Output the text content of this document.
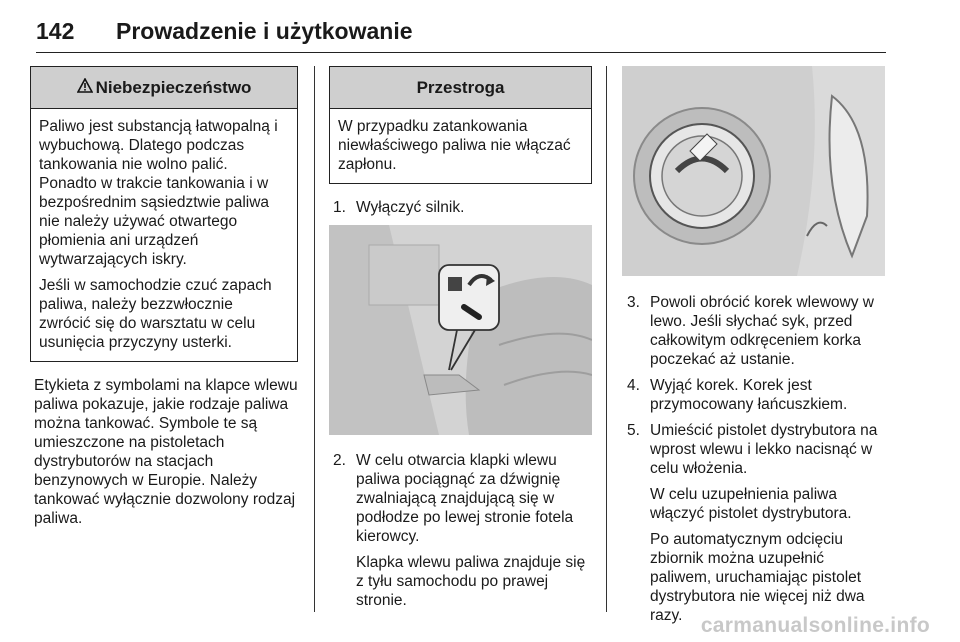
142 Prowadzenie i użytkowanie
Niebezpieczeństwo

Paliwo jest substancją łatwopalną i wybuchową. Dlatego podczas tankowania nie wolno palić. Ponadto w trakcie tankowania i w bezpośrednim sąsiedztwie paliwa nie należy używać otwartego płomienia ani urządzeń wytwarzających iskry.

Jeśli w samochodzie czuć zapach paliwa, należy bezzwłocznie zwrócić się do warsztatu w celu usunięcia przyczyny usterki.

Etykieta z symbolami na klapce wlewu paliwa pokazuje, jakie rodzaje paliwa można tankować. Symbole te są umieszczone na pistoletach dystrybutorów na stacjach benzynowych w Europie. Należy tankować wyłącznie dozwolony rodzaj paliwa.

Przestroga

W przypadku zatankowania niewłaściwego paliwa nie włączać zapłonu.

1. Wyłączyć silnik.

2. W celu otwarcia klapki wlewu paliwa pociągnąć za dźwignię zwalniającą znajdującą się w podłodze po lewej stronie fotela kierowcy.

Klapka wlewu paliwa znajduje się z tyłu samochodu po prawej stronie.

3. Powoli obrócić korek wlewowy w lewo. Jeśli słychać syk, przed całkowitym odkręceniem korka poczekać aż ustanie.

4. Wyjąć korek. Korek jest przymocowany łańcuszkiem.

5. Umieścić pistolet dystrybutora na wprost wlewu i lekko nacisnąć w celu włożenia.

W celu uzupełnienia paliwa włączyć pistolet dystrybutora.

Po automatycznym odcięciu zbiornik można uzupełnić paliwem, uruchamiając pistolet dystrybutora nie więcej niż dwa razy. carmanualsonline.info
